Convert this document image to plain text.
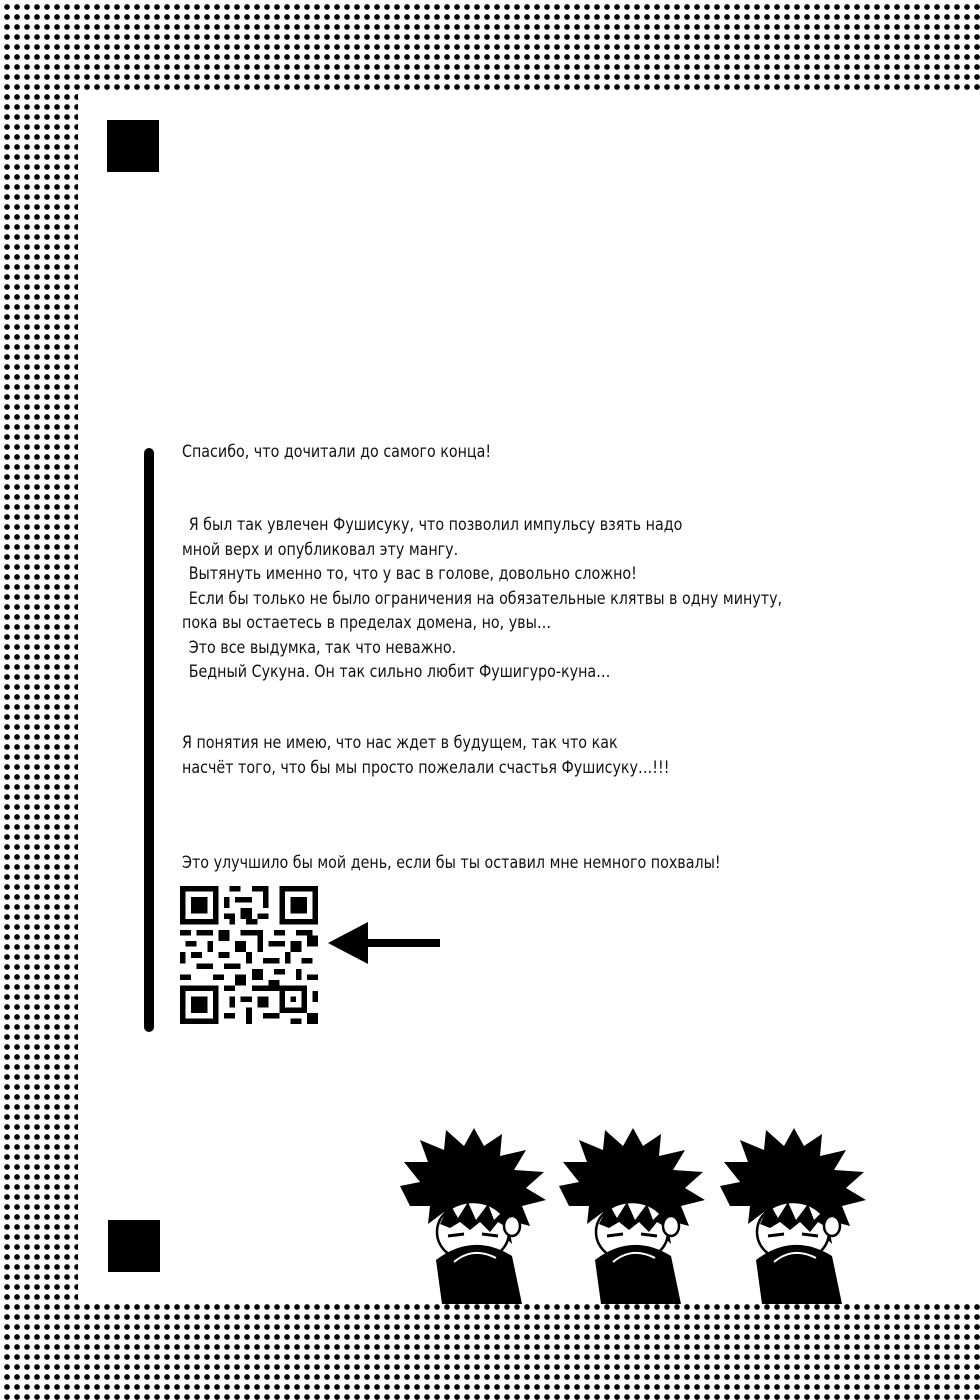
Спасибо, что дочитали до самого конца!
Я был так увлечен Фушисуку, что позволил импульсу взять надо
мной верх и опубликовал эту мангу.
Вытянуть именно то, что у вас в голове, довольно сложно!
Если бы только не было ограничения на обязательные клятвы в одну минуту,
пока вы остаетесь в пределах домена, но, увы…
Это все выдумка, так что неважно.
Бедный Сукуна. Он так сильно любит Фушигуро-куна…
Я понятия не имею, что нас ждет в будущем, так что как
насчёт того, что бы мы просто пожелали счастья Фушисуку…!!!
Это улучшило бы мой день, если бы ты оставил мне немного похвалы!
